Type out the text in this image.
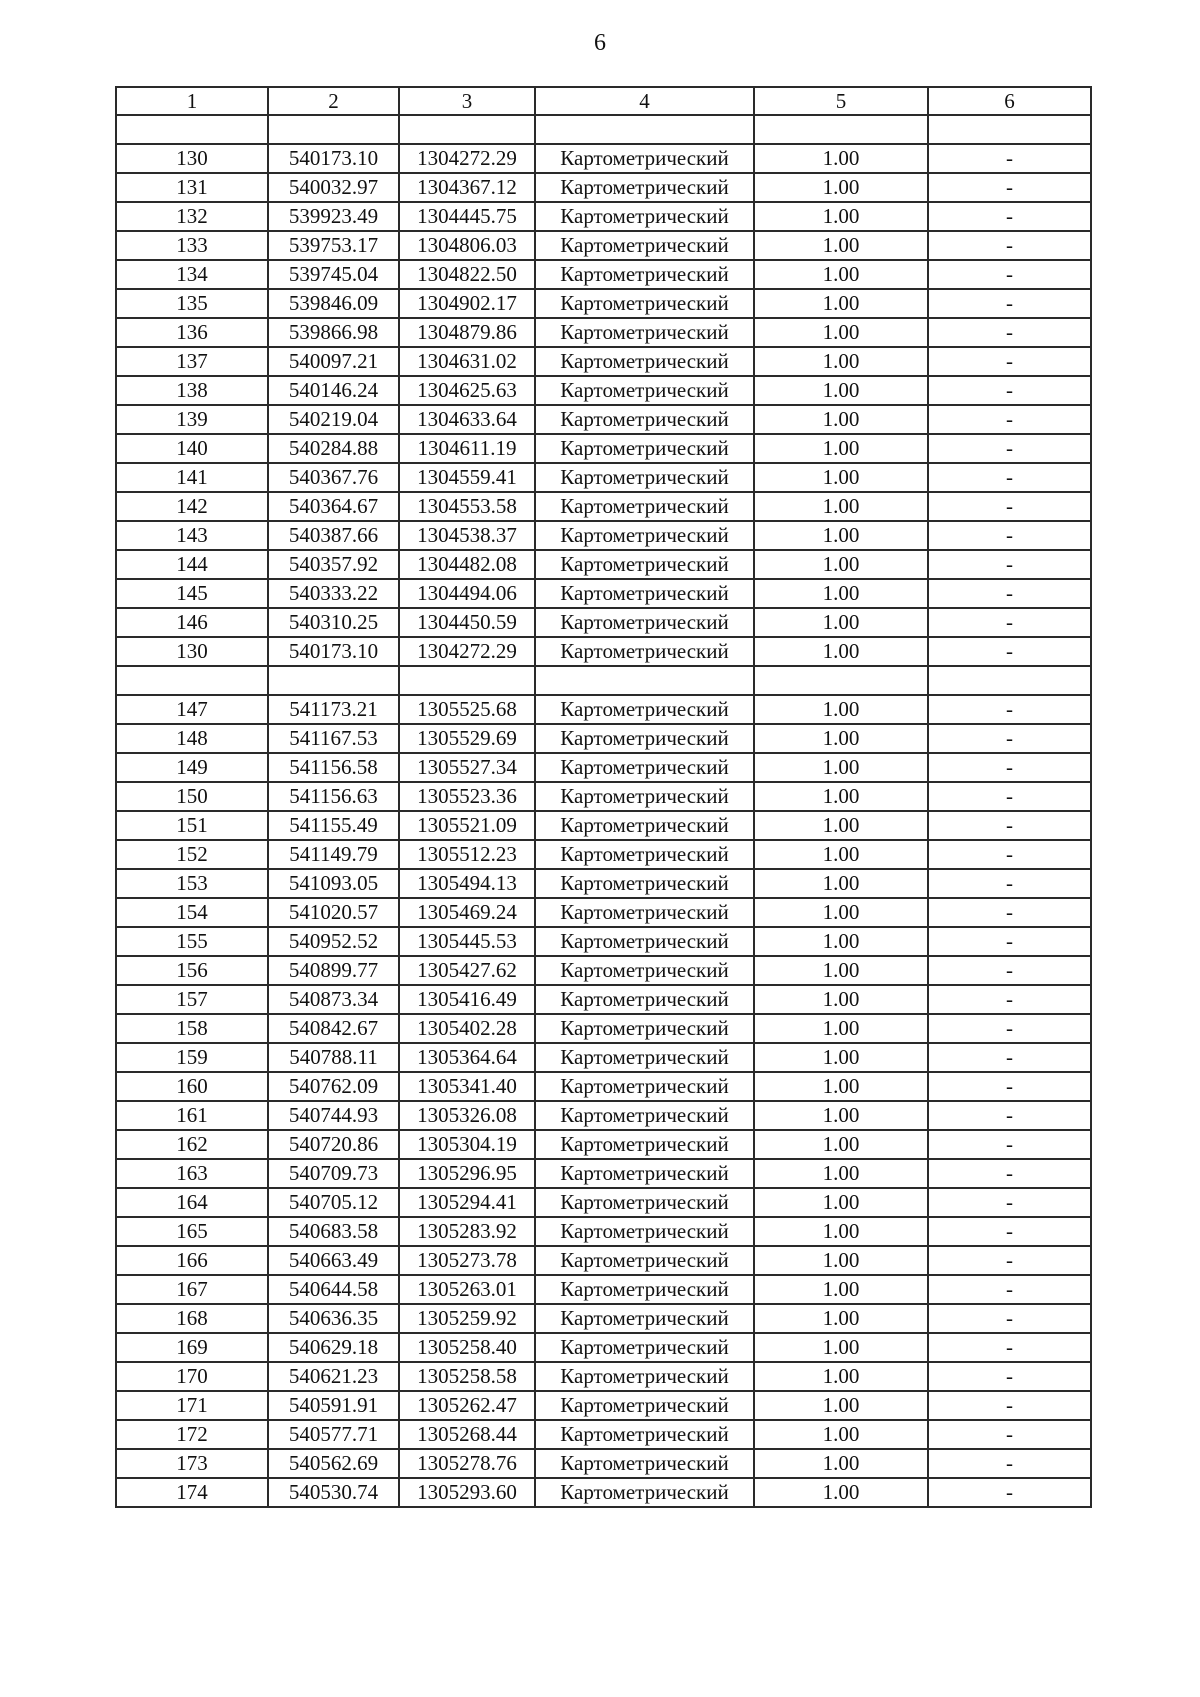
6
1	2	3	4	5	6

130	540173.10	1304272.29	Картометрический	1.00	-
131	540032.97	1304367.12	Картометрический	1.00	-
132	539923.49	1304445.75	Картометрический	1.00	-
133	539753.17	1304806.03	Картометрический	1.00	-
134	539745.04	1304822.50	Картометрический	1.00	-
135	539846.09	1304902.17	Картометрический	1.00	-
136	539866.98	1304879.86	Картометрический	1.00	-
137	540097.21	1304631.02	Картометрический	1.00	-
138	540146.24	1304625.63	Картометрический	1.00	-
139	540219.04	1304633.64	Картометрический	1.00	-
140	540284.88	1304611.19	Картометрический	1.00	-
141	540367.76	1304559.41	Картометрический	1.00	-
142	540364.67	1304553.58	Картометрический	1.00	-
143	540387.66	1304538.37	Картометрический	1.00	-
144	540357.92	1304482.08	Картометрический	1.00	-
145	540333.22	1304494.06	Картометрический	1.00	-
146	540310.25	1304450.59	Картометрический	1.00	-
130	540173.10	1304272.29	Картометрический	1.00	-

147	541173.21	1305525.68	Картометрический	1.00	-
148	541167.53	1305529.69	Картометрический	1.00	-
149	541156.58	1305527.34	Картометрический	1.00	-
150	541156.63	1305523.36	Картометрический	1.00	-
151	541155.49	1305521.09	Картометрический	1.00	-
152	541149.79	1305512.23	Картометрический	1.00	-
153	541093.05	1305494.13	Картометрический	1.00	-
154	541020.57	1305469.24	Картометрический	1.00	-
155	540952.52	1305445.53	Картометрический	1.00	-
156	540899.77	1305427.62	Картометрический	1.00	-
157	540873.34	1305416.49	Картометрический	1.00	-
158	540842.67	1305402.28	Картометрический	1.00	-
159	540788.11	1305364.64	Картометрический	1.00	-
160	540762.09	1305341.40	Картометрический	1.00	-
161	540744.93	1305326.08	Картометрический	1.00	-
162	540720.86	1305304.19	Картометрический	1.00	-
163	540709.73	1305296.95	Картометрический	1.00	-
164	540705.12	1305294.41	Картометрический	1.00	-
165	540683.58	1305283.92	Картометрический	1.00	-
166	540663.49	1305273.78	Картометрический	1.00	-
167	540644.58	1305263.01	Картометрический	1.00	-
168	540636.35	1305259.92	Картометрический	1.00	-
169	540629.18	1305258.40	Картометрический	1.00	-
170	540621.23	1305258.58	Картометрический	1.00	-
171	540591.91	1305262.47	Картометрический	1.00	-
172	540577.71	1305268.44	Картометрический	1.00	-
173	540562.69	1305278.76	Картометрический	1.00	-
174	540530.74	1305293.60	Картометрический	1.00	-
